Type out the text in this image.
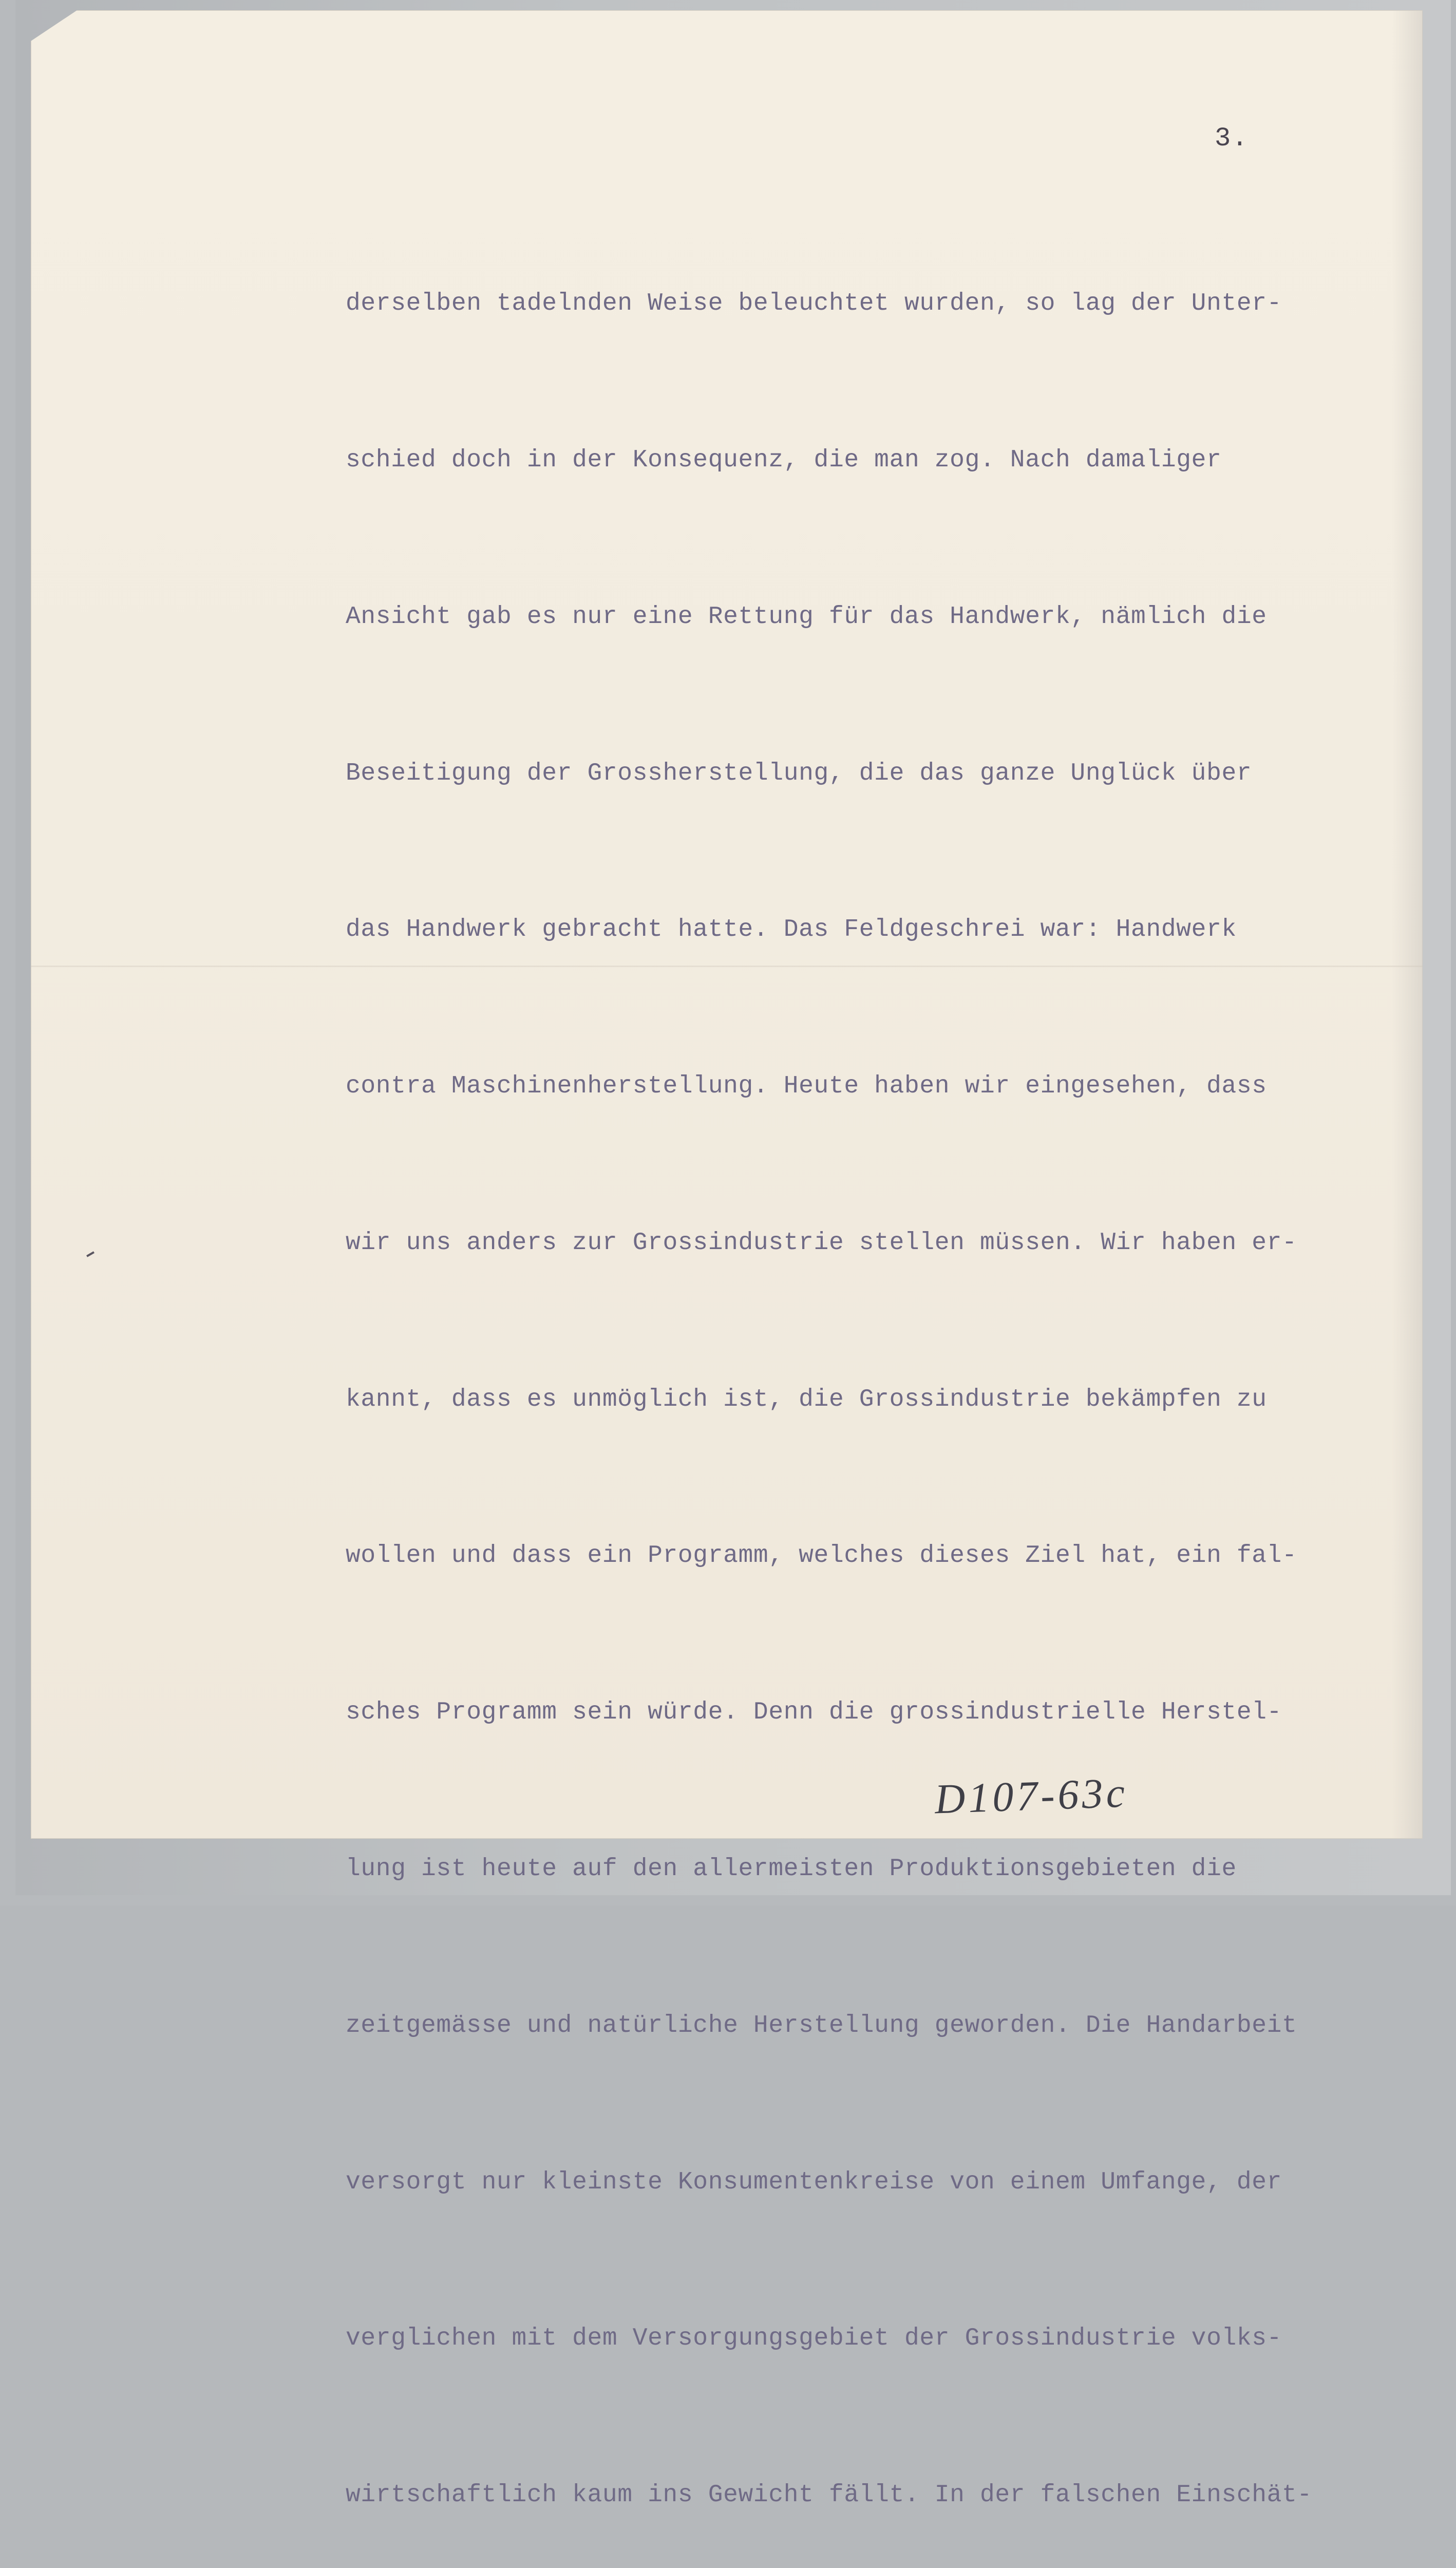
3.

derselben tadelnden Weise beleuchtet wurden, so lag der Unter-

schied doch in der Konsequenz, die man zog. Nach damaliger

Ansicht gab es nur eine Rettung für das Handwerk, nämlich die

Beseitigung der Grossherstellung, die das ganze Unglück über

das Handwerk gebracht hatte. Das Feldgeschrei war: Handwerk

contra Maschinenherstellung. Heute haben wir eingesehen, dass

wir uns anders zur Grossindustrie stellen müssen. Wir haben er-

kannt, dass es unmöglich ist, die Grossindustrie bekämpfen zu

wollen und dass ein Programm, welches dieses Ziel hat, ein fal-

sches Programm sein würde. Denn die grossindustrielle Herstel-

lung ist heute auf den allermeisten Produktionsgebieten die

zeitgemässe und natürliche Herstellung geworden. Die Handarbeit

versorgt nur kleinste Konsumentenkreise von einem Umfange, der

verglichen mit dem Versorgungsgebiet der Grossindustrie volks-

wirtschaftlich kaum ins Gewicht fällt. In der falschen Einschät-

D107-63c
